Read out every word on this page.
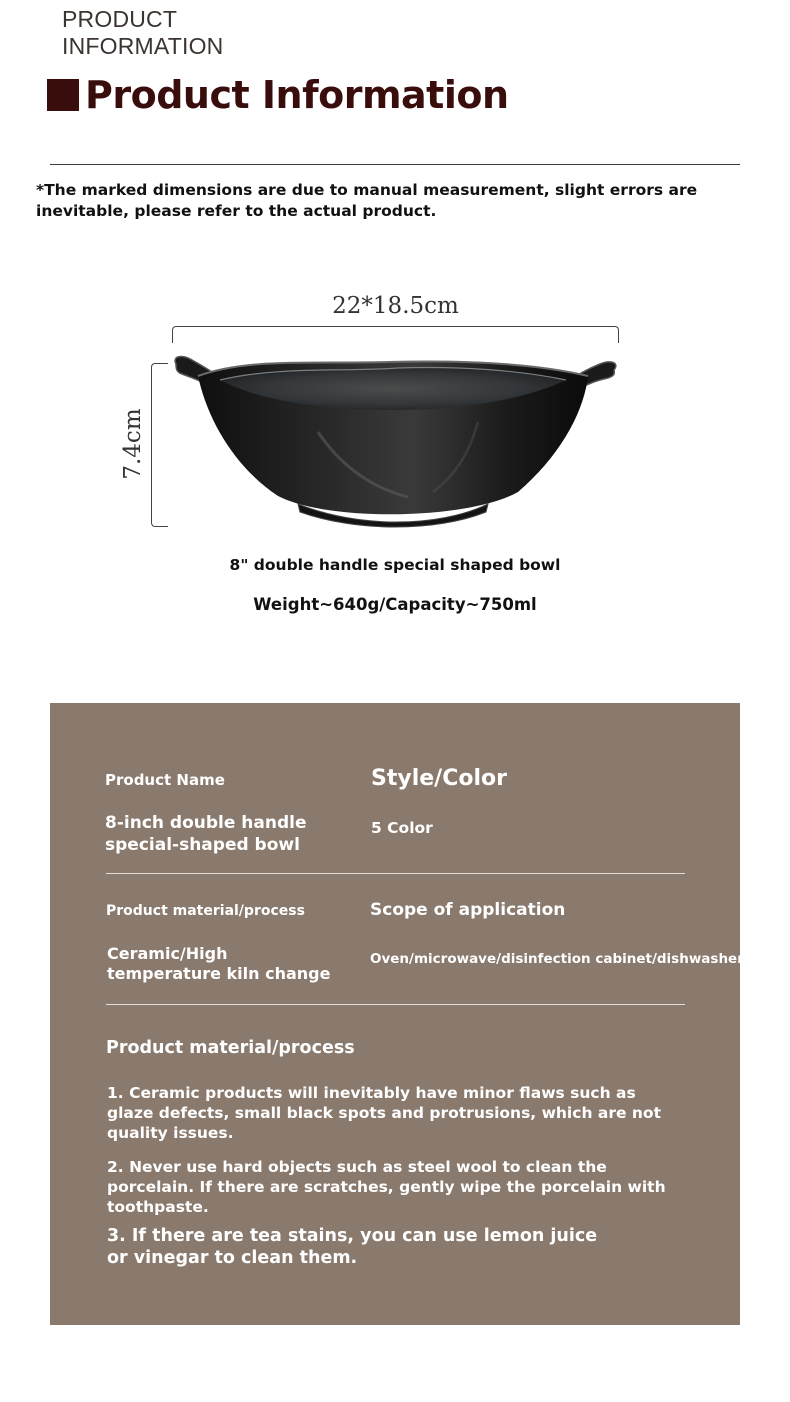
PRODUCT
INFORMATION
Product Information
*The marked dimensions are due to manual measurement, slight errors are inevitable, please refer to the actual product.
22*18.5cm
7.4cm
8" double handle special shaped bowl
Weight~640g/Capacity~750ml
Product Name	Style/Color
8-inch double handle
special-shaped bowl
5 Color
Product material/process	Scope of application
Ceramic/High
temperature kiln change
Oven/microwave/disinfection cabinet/dishwasher
Product material/process
1. Ceramic products will inevitably have minor flaws such as
glaze defects, small black spots and protrusions, which are not
quality issues.
2. Never use hard objects such as steel wool to clean the
porcelain. If there are scratches, gently wipe the porcelain with
toothpaste.
3. If there are tea stains, you can use lemon juice
or vinegar to clean them.
